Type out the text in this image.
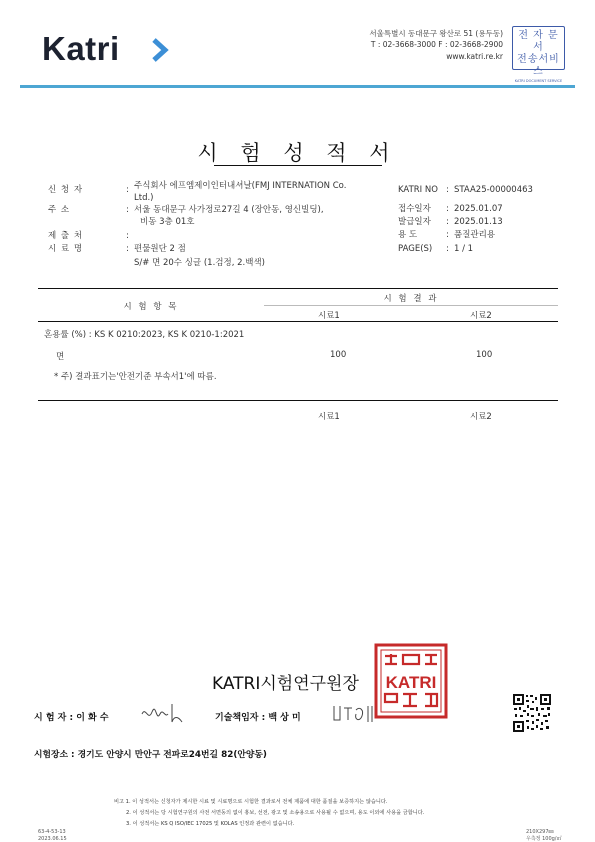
Katri	서울특별시 동대문구 왕산로 51 (용두동)
T : 02-3668-3000 F : 02-3668-2900
www.katri.re.kr
전 자 문 서
전송서비스
KATRI DOCUMENT SERVICE
시 험 성 적 서
신 청 자	: 주식회사 에프엠제이인터내셔날(FMJ INTERNATION Co.
Ltd.)
주 소	: 서울 동대문구 사가정로27길 4 (장안동, 영신빌딩),
비동 3층 01호
제 출 처	:
시 료 명	: 편물원단 2 점
S/# 면 20수 싱글 (1.검정, 2.백색)
KATRI NO : STAA25-00000463
접수일자 : 2025.01.07
발급일자 : 2025.01.13
용 도	: 품질관리용
PAGE(S) : 1 / 1
시 험 항 목
시 험 결 과
시료1	시료2
혼용률 (%) : KS K 0210:2023, KS K 0210-1:2021
면	100	100
* 주) 결과표기는'안전기준 부속서1'에 따름.
시료1	시료2
KATRI시험연구원장 KATRI
시 험 자 : 이 화 수	기술책임자 : 백 상 미
시험장소 : 경기도 안양시 만안구 전파로24번길 82(안양동)
비고 1. 이 성적서는 신청자가 제시한 시료 및 시료명으로 시험한 결과로서 전체 제품에 대한 품질을 보증하지는 않습니다.
2. 이 성적서는 당 시험연구원의 사전 서면동의 없이 홍보, 선전, 광고 및 소송용으로 사용될 수 없으며, 용도 이외에 사용을 금합니다.
3. 이 성적서는 KS Q ISO/IEC 17025 및 KOLAS 인정과 관련이 없습니다.
63-4-53-13
2023.06.15
210X297㎜
우측정 100g/㎡
